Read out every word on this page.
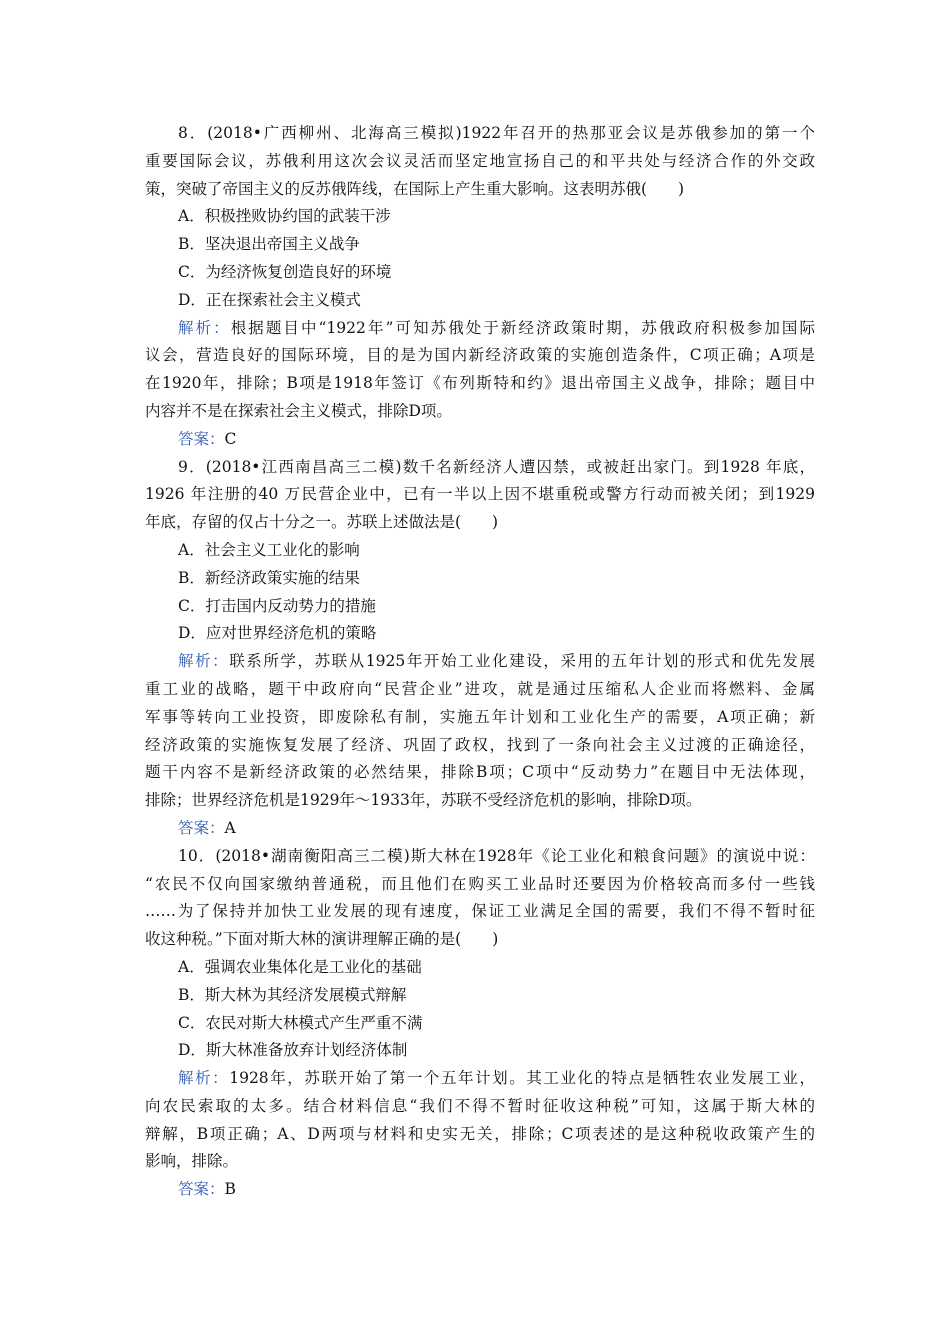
8．(2018•广西柳州、北海高三模拟)1922年召开的热那亚会议是苏俄参加的第一个
重要国际会议，苏俄利用这次会议灵活而坚定地宣扬自己的和平共处与经济合作的外交政
策，突破了帝国主义的反苏俄阵线，在国际上产生重大影响。这表明苏俄(　　)
A．积极挫败协约国的武装干涉
B．坚决退出帝国主义战争
C．为经济恢复创造良好的环境
D．正在探索社会主义模式
解析：根据题目中“1922年”可知苏俄处于新经济政策时期，苏俄政府积极参加国际
议会，营造良好的国际环境，目的是为国内新经济政策的实施创造条件，C项正确；A项是
在1920年，排除；B项是1918年签订《布列斯特和约》退出帝国主义战争，排除；题目中
内容并不是在探索社会主义模式，排除D项。
答案：C
9．(2018•江西南昌高三二模)数千名新经济人遭囚禁，或被赶出家门。到1928 年底，
1926 年注册的40 万民营企业中，已有一半以上因不堪重税或警方行动而被关闭；到1929
年底，存留的仅占十分之一。苏联上述做法是(　　)
A．社会主义工业化的影响
B．新经济政策实施的结果
C．打击国内反动势力的措施
D．应对世界经济危机的策略
解析：联系所学，苏联从1925年开始工业化建设，采用的五年计划的形式和优先发展
重工业的战略，题干中政府向“民营企业”进攻，就是通过压缩私人企业而将燃料、金属
军事等转向工业投资，即废除私有制，实施五年计划和工业化生产的需要，A项正确；新
经济政策的实施恢复发展了经济、巩固了政权，找到了一条向社会主义过渡的正确途径，
题干内容不是新经济政策的必然结果，排除B项；C项中“反动势力”在题目中无法体现，
排除；世界经济危机是1929年～1933年，苏联不受经济危机的影响，排除D项。
答案：A
10．(2018•湖南衡阳高三二模)斯大林在1928年《论工业化和粮食问题》的演说中说：
“农民不仅向国家缴纳普通税，而且他们在购买工业品时还要因为价格较高而多付一些钱
……为了保持并加快工业发展的现有速度，保证工业满足全国的需要，我们不得不暂时征
收这种税。”下面对斯大林的演讲理解正确的是(　　)
A．强调农业集体化是工业化的基础
B．斯大林为其经济发展模式辩解
C．农民对斯大林模式产生严重不满
D．斯大林准备放弃计划经济体制
解析：1928年，苏联开始了第一个五年计划。其工业化的特点是牺牲农业发展工业，
向农民索取的太多。结合材料信息“我们不得不暂时征收这种税”可知，这属于斯大林的
辩解，B项正确；A、D两项与材料和史实无关，排除；C项表述的是这种税收政策产生的
影响，排除。
答案：B
